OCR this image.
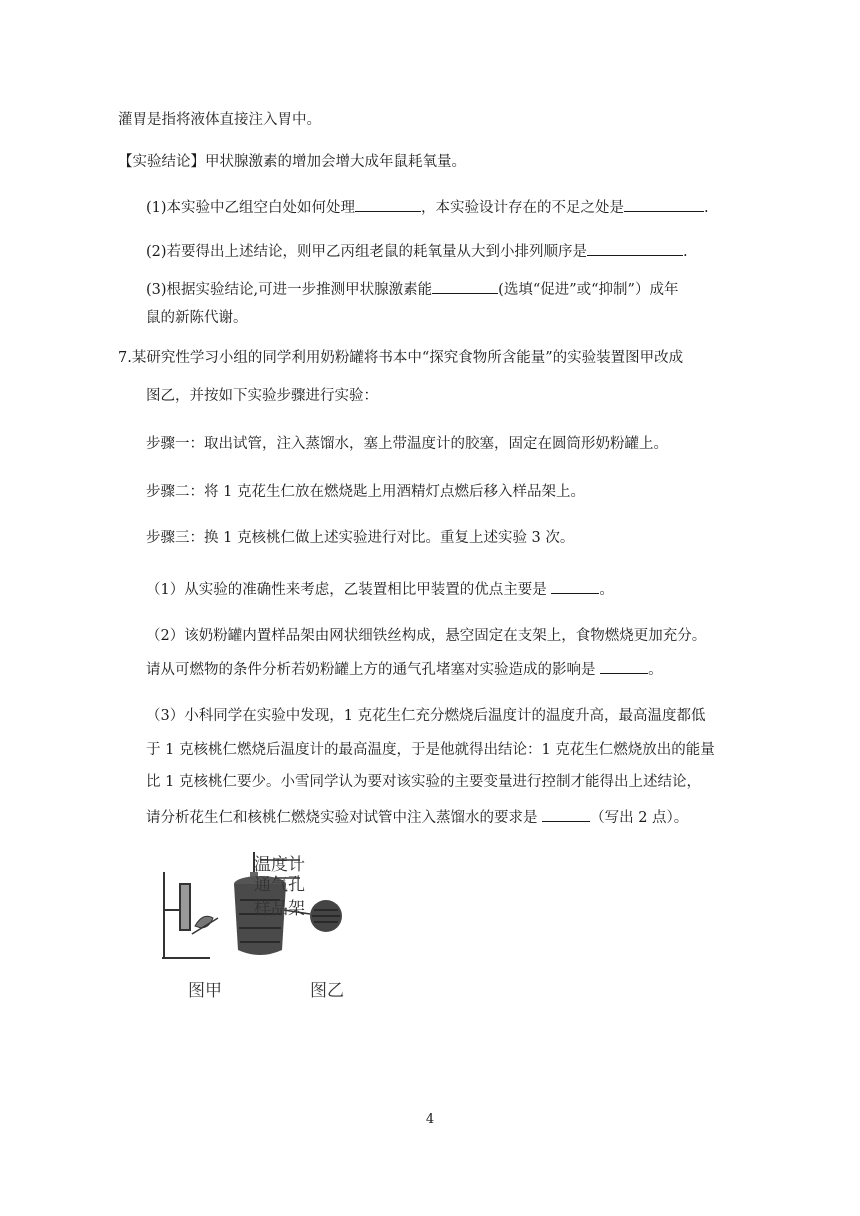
灌胃是指将液体直接注入胃中。
【实验结论】甲状腺激素的增加会增大成年鼠耗氧量。
(1)本实验中乙组空白处如何处理	，本实验设计存在的不足之处是	.
(2)若要得出上述结论，则甲乙丙组老鼠的耗氧量从大到小排列顺序是	.
(3)根据实验结论,可进一步推测甲状腺激素能	(选填“促进”或“抑制”）成年
鼠的新陈代谢。
7.某研究性学习小组的同学利用奶粉罐将书本中“探究食物所含能量”的实验装置图甲改成
图乙，并按如下实验步骤进行实验：
步骤一：取出试管，注入蒸馏水，塞上带温度计的胶塞，固定在圆筒形奶粉罐上。
步骤二：将 1 克花生仁放在燃烧匙上用酒精灯点燃后移入样品架上。
步骤三：换 1 克核桃仁做上述实验进行对比。重复上述实验 3 次。
（1）从实验的准确性来考虑，乙装置相比甲装置的优点主要是	。
（2）该奶粉罐内置样品架由网状细铁丝构成，悬空固定在支架上，食物燃烧更加充分。
请从可燃物的条件分析若奶粉罐上方的通气孔堵塞对实验造成的影响是	。
（3）小科同学在实验中发现，1 克花生仁充分燃烧后温度计的温度升高，最高温度都低
于 1 克核桃仁燃烧后温度计的最高温度，于是他就得出结论：1 克花生仁燃烧放出的能量
比 1 克核桃仁要少。小雪同学认为要对该实验的主要变量进行控制才能得出上述结论，
请分析花生仁和核桃仁燃烧实验对试管中注入蒸馏水的要求是	（写出 2 点）。
温度计
通气孔
样品架
图甲	图乙
4
